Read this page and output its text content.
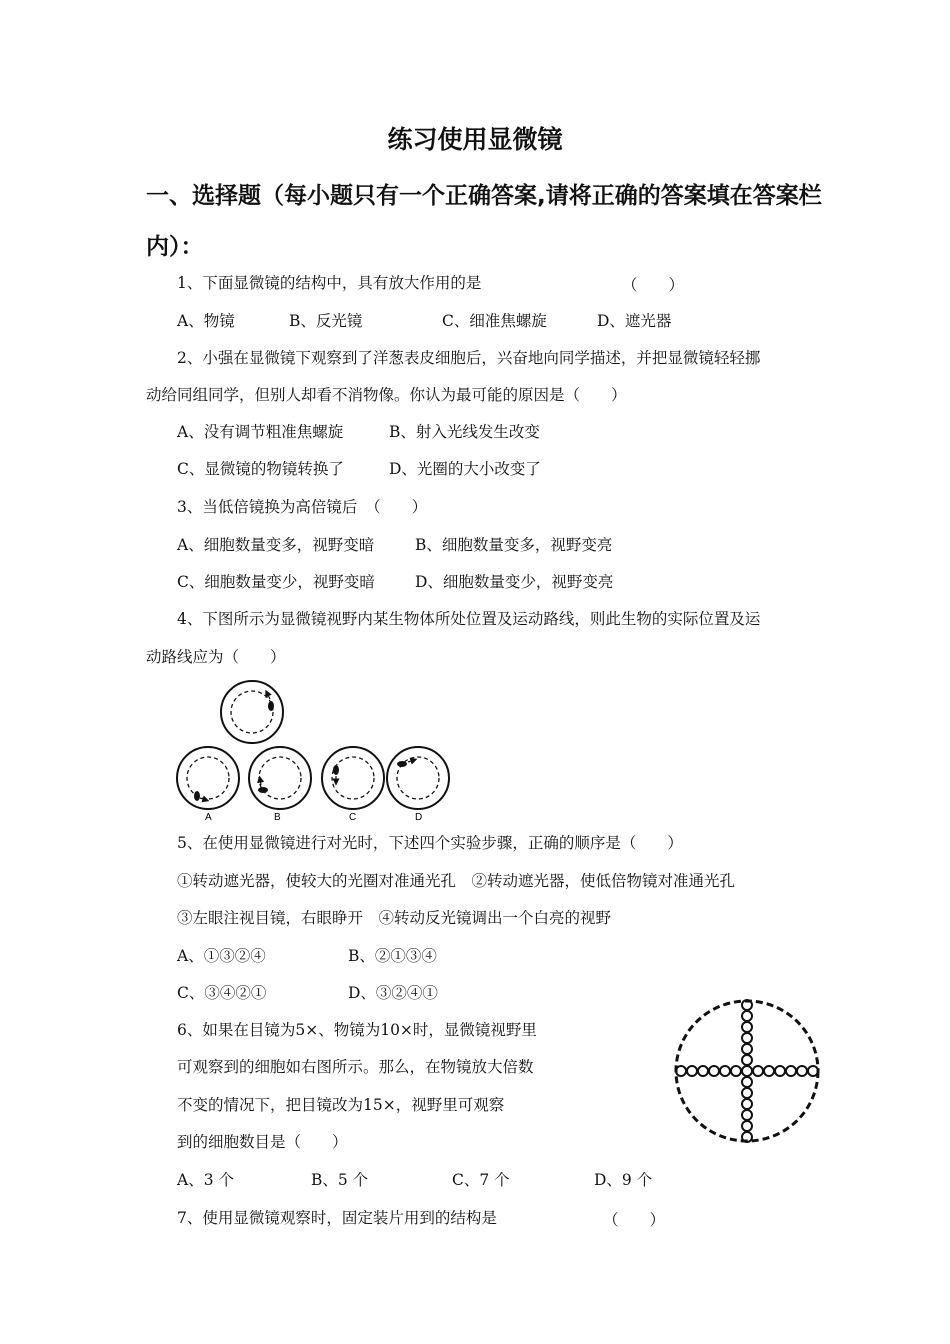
练习使用显微镜
一、选择题（每小题只有一个正确答案,请将正确的答案填在答案栏
内）：
1、下面显微镜的结构中，具有放大作用的是	（　　）
A、物镜	B、反光镜	C、细准焦螺旋	D、遮光器
2、小强在显微镜下观察到了洋葱表皮细胞后，兴奋地向同学描述，并把显微镜轻轻挪
动给同组同学，但别人却看不消物像。你认为最可能的原因是（　　）
A、没有调节粗准焦螺旋	B、射入光线发生改变
C、显微镜的物镜转换了	D、光圈的大小改变了
3、当低倍镜换为高倍镜后　（　　）
A、细胞数量变多，视野变暗	B、细胞数量变多，视野变亮
C、细胞数量变少，视野变暗	D、细胞数量变少，视野变亮
4、下图所示为显微镜视野内某生物体所处位置及运动路线，则此生物的实际位置及运
动路线应为（　　）
A	B	C	D
5、在使用显微镜进行对光时，下述四个实验步骤，正确的顺序是（　　）
①转动遮光器，使较大的光圈对准通光孔　②转动遮光器，使低倍物镜对准通光孔
③左眼注视目镜，右眼睁开　④转动反光镜调出一个白亮的视野
A、①③②④	B、②①③④
C、③④②①	D、③②④①
6、如果在目镜为5×、物镜为10×时，显微镜视野里
可观察到的细胞如右图所示。那么，在物镜放大倍数
不变的情况下，把目镜改为15×，视野里可观察
到的细胞数目是（　　）
A、3 个	B、5 个	C、7 个	D、9 个
7、使用显微镜观察时，固定装片用到的结构是	（　　）
